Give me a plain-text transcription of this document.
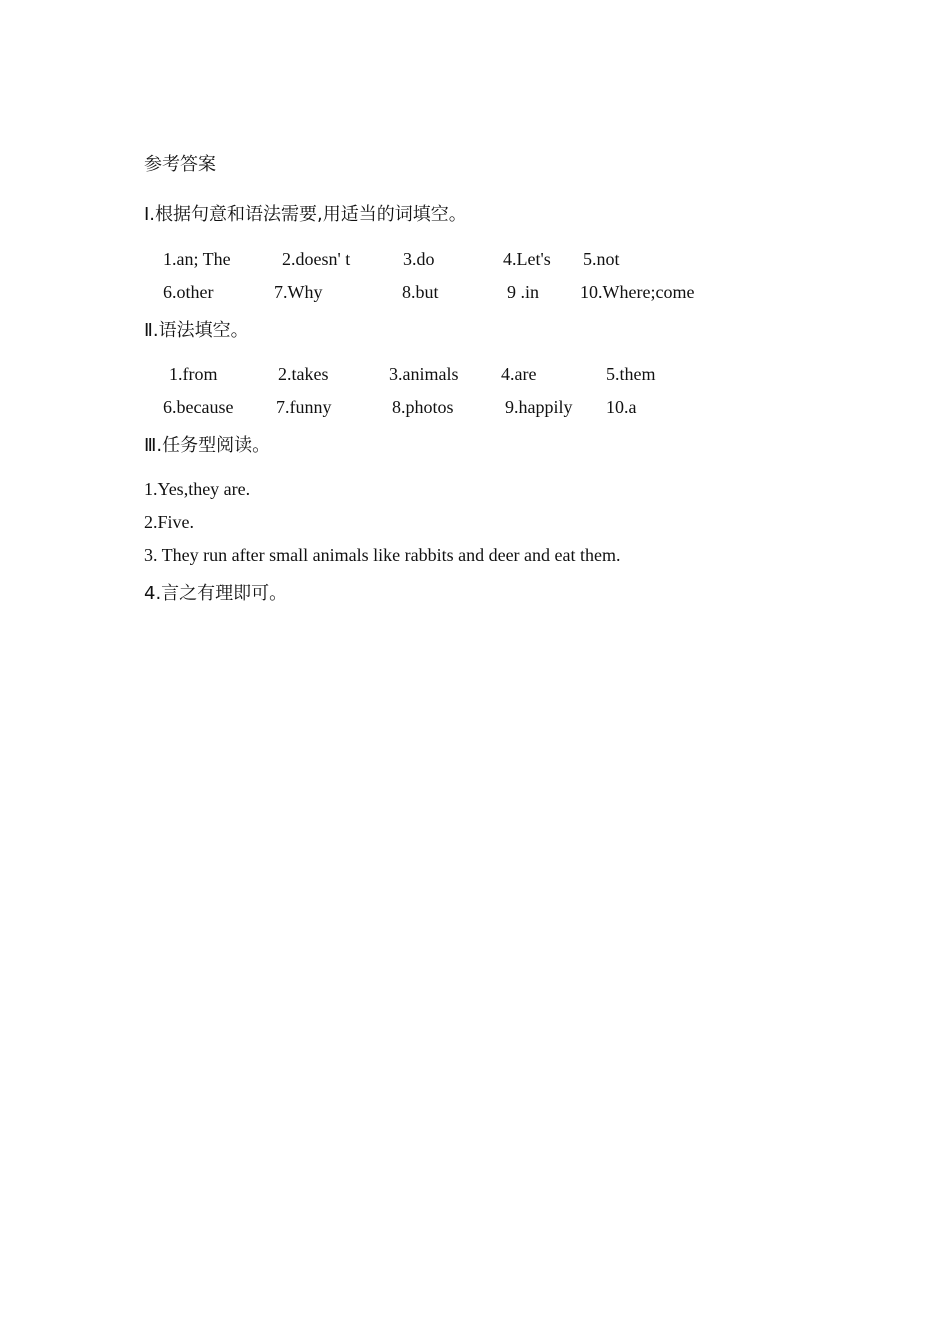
参考答案
Ⅰ.根据句意和语法需要,用适当的词填空。
1.an; The	2.doesn' t	3.do	4.Let's 5.not
6.other	7.Why	8.but	9 .in 10.Where;come
Ⅱ.语法填空。
1.from	2.takes	3.animals 4.are	5.them
6.because 7.funny	8.photos	9.happily 10.a
Ⅲ.任务型阅读。
1.Yes,they are.
2.Five.
3. They run after small animals like rabbits and deer and eat them.
4.言之有理即可。
